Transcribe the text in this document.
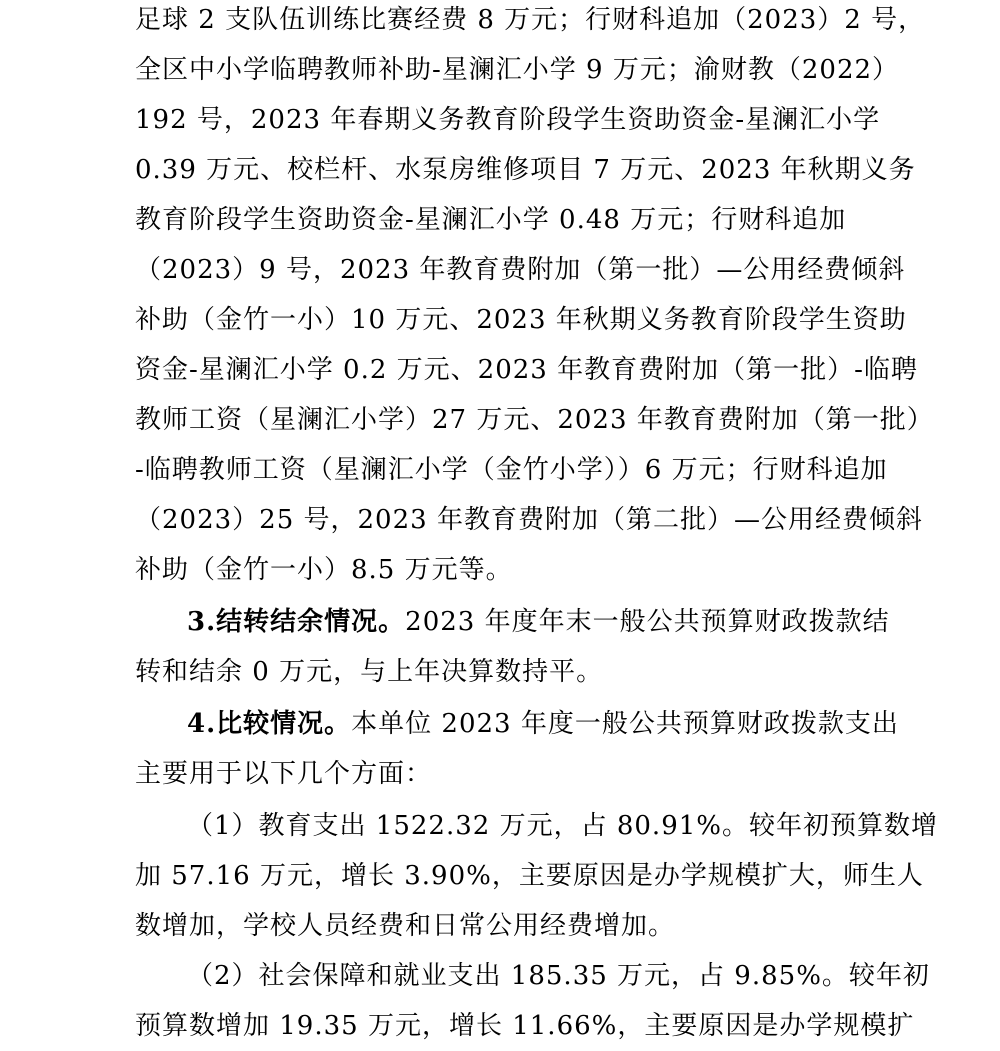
足球 2 支队伍训练比赛经费 8 万元；行财科追加（2023）2 号，
全区中小学临聘教师补助-星澜汇小学 9 万元；渝财教（2022）
192 号，2023 年春期义务教育阶段学生资助资金-星澜汇小学
0.39 万元、校栏杆、水泵房维修项目 7 万元、2023 年秋期义务
教育阶段学生资助资金-星澜汇小学 0.48 万元；行财科追加
（2023）9 号，2023 年教育费附加（第一批）—公用经费倾斜
补助（金竹一小）10 万元、2023 年秋期义务教育阶段学生资助
资金-星澜汇小学 0.2 万元、2023 年教育费附加（第一批）-临聘
教师工资（星澜汇小学）27 万元、2023 年教育费附加（第一批）
-临聘教师工资（星澜汇小学（金竹小学））6 万元；行财科追加
（2023）25 号，2023 年教育费附加（第二批）—公用经费倾斜
补助（金竹一小）8.5 万元等。
3.结转结余情况。2023 年度年末一般公共预算财政拨款结
转和结余 0 万元，与上年决算数持平。
4.比较情况。本单位 2023 年度一般公共预算财政拨款支出
主要用于以下几个方面：
（1）教育支出 1522.32 万元，占 80.91%。较年初预算数增
加 57.16 万元，增长 3.90%，主要原因是办学规模扩大，师生人
数增加，学校人员经费和日常公用经费增加。
（2）社会保障和就业支出 185.35 万元，占 9.85%。较年初
预算数增加 19.35 万元，增长 11.66%，主要原因是办学规模扩
